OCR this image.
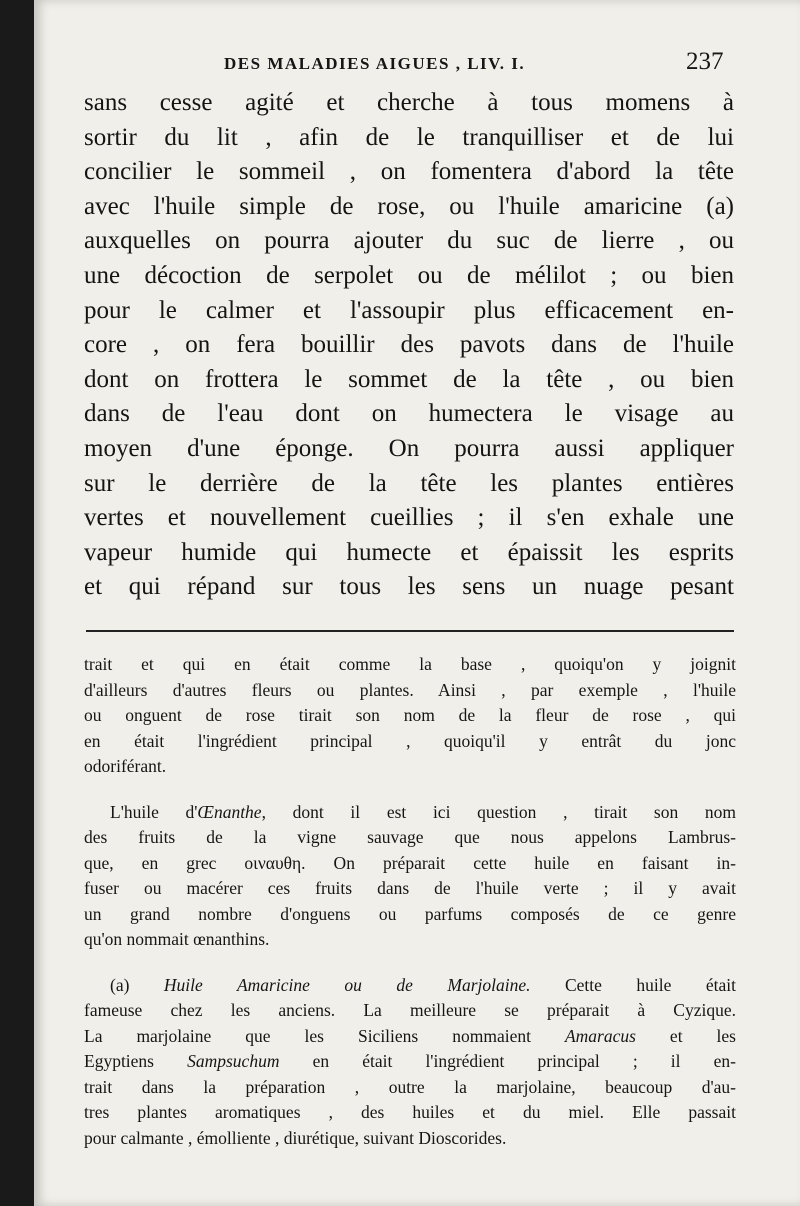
DES MALADIES AIGUES , LIV. I.	237
sans cesse agité et cherche à tous momens à
sortir du lit , afin de le tranquilliser et de lui
concilier le sommeil , on fomentera d'abord la tête
avec l'huile simple de rose, ou l'huile amaricine (a)
auxquelles on pourra ajouter du suc de lierre , ou
une décoction de serpolet ou de mélilot ; ou bien
pour le calmer et l'assoupir plus efficacement en-
core , on fera bouillir des pavots dans de l'huile
dont on frottera le sommet de la tête , ou bien
dans de l'eau dont on humectera le visage au
moyen d'une éponge. On pourra aussi appliquer
sur le derrière de la tête les plantes entières
vertes et nouvellement cueillies ; il s'en exhale une
vapeur humide qui humecte et épaissit les esprits
et qui répand sur tous les sens un nuage pesant
trait et qui en était comme la base , quoiqu'on y joignit
d'ailleurs d'autres fleurs ou plantes. Ainsi , par exemple , l'huile
ou onguent de rose tirait son nom de la fleur de rose , qui
en était l'ingrédient principal , quoiqu'il y entrât du jonc
odoriférant.
L'huile d'Œnanthe, dont il est ici question , tirait son nom
des fruits de la vigne sauvage que nous appelons Lambrus-
que, en grec οιναυθη. On préparait cette huile en faisant in-
fuser ou macérer ces fruits dans de l'huile verte ; il y avait
un grand nombre d'onguens ou parfums composés de ce genre
qu'on nommait œnanthins.
(a) Huile Amaricine ou de Marjolaine. Cette huile était
fameuse chez les anciens. La meilleure se préparait à Cyzique.
La marjolaine que les Siciliens nommaient Amaracus et les
Egyptiens Sampsuchum en était l'ingrédient principal ; il en-
trait dans la préparation , outre la marjolaine, beaucoup d'au-
tres plantes aromatiques , des huiles et du miel. Elle passait
pour calmante , émolliente , diurétique, suivant Dioscorides.
